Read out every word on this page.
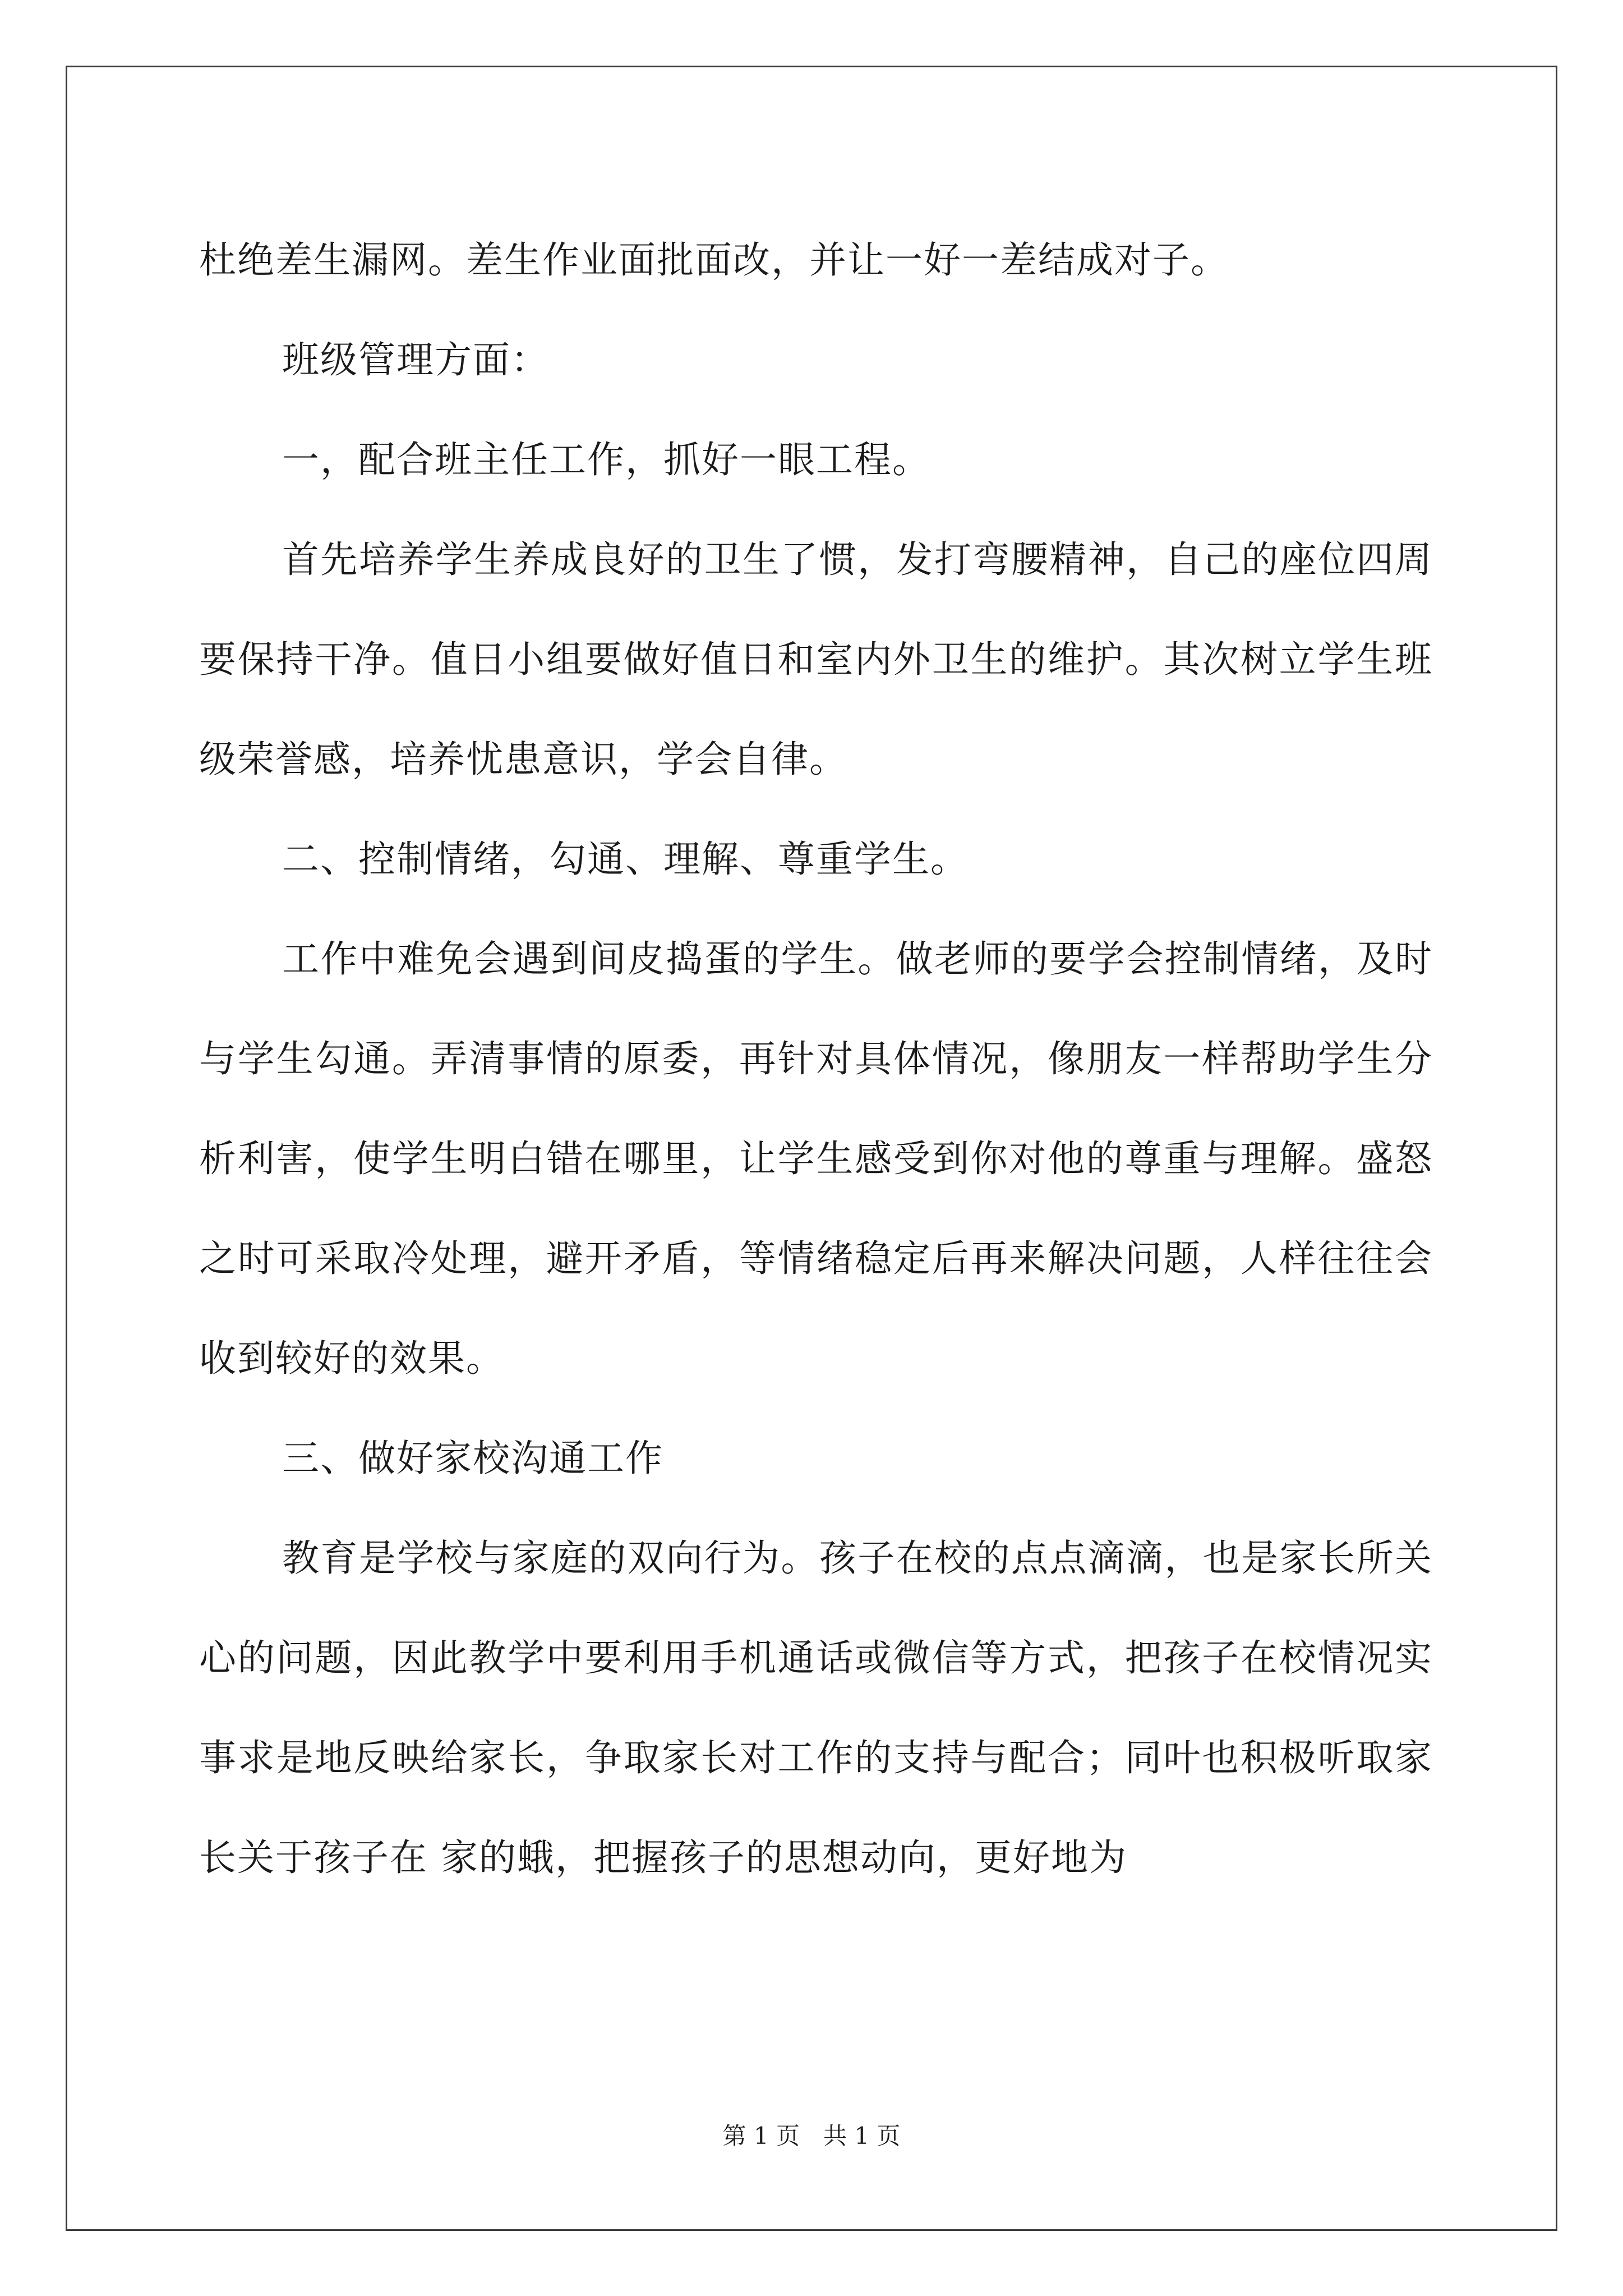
杜绝差生漏网。差生作业面批面改，并让一好一差结成对子。

班级管理方面：

一，配合班主任工作，抓好一眼工程。

首先培养学生养成良好的卫生了惯，发打弯腰精神，自己的座位四周要保持干净。值日小组要做好值日和室内外卫生的维护。其次树立学生班级荣誉感，培养忧患意识，学会自律。

二、控制情绪，勾通、理解、尊重学生。

工作中难免会遇到间皮捣蛋的学生。做老师的要学会控制情绪，及时与学生勾通。弄清事情的原委，再针对具体情况，像朋友一样帮助学生分析利害，使学生明白错在哪里，让学生感受到你对他的尊重与理解。盛怒之时可采取冷处理，避开矛盾，等情绪稳定后再来解决问题，人样往往会收到较好的效果。

三、做好家校沟通工作

教育是学校与家庭的双向行为。孩子在校的点点滴滴，也是家长所关心的问题，因此教学中要利用手机通话或微信等方式，把孩子在校情况实事求是地反映给家长，争取家长对工作的支持与配合；同叶也积极听取家长关于孩子在 家的蛾，把握孩子的思想动向，更好地为

第 1 页　共 1 页
